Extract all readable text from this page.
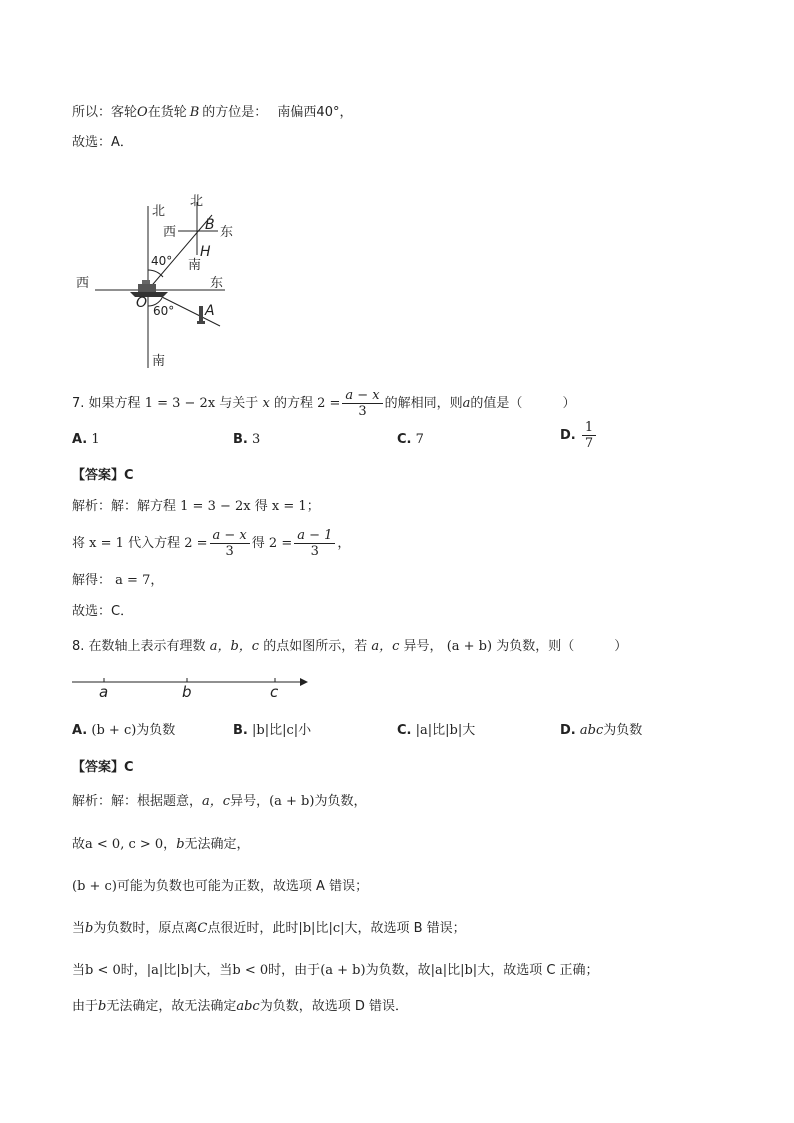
所以：客轮O在货轮 B 的方位是： 南偏西40°，
故选：A．
北
北
西	东
南
西	东
南
B
H
O	A
40°
60°
7. 如果方程 1 = 3 − 2x 与关于 x 的方程 $2 = \frac{a - x}{3}$ 的解相同，则a的值是（	）
A. 1	B. 3	C. 7	D. $\frac{1}{7}$
【答案】C
解析：解：解方程 1 = 3 − 2x 得 x = 1；
将 x = 1 代入方程 $2 = \frac{a - x}{3}$ 得 $2 = \frac{a - 1}{3}$ ，
解得： a = 7，
故选：C．
8. 在数轴上表示有理数 a，b，c 的点如图所示，若 a，c 异号， (a + b) 为负数，则（	）
a	b	c
A. (b + c)为负数	B. |b|比|c|小	C. |a|比|b|大	D. abc为负数
【答案】C
解析：解：根据题意，a，c异号，(a + b)为负数，
故a < 0, c > 0，b无法确定，
(b + c)可能为负数也可能为正数，故选项 A 错误；
当b为负数时，原点离C点很近时，此时|b|比|c|大，故选项 B 错误；
当b < 0时，|a|比|b|大，当b < 0时，由于(a + b)为负数，故|a|比|b|大，故选项 C 正确；
由于b无法确定，故无法确定abc为负数，故选项 D 错误．
